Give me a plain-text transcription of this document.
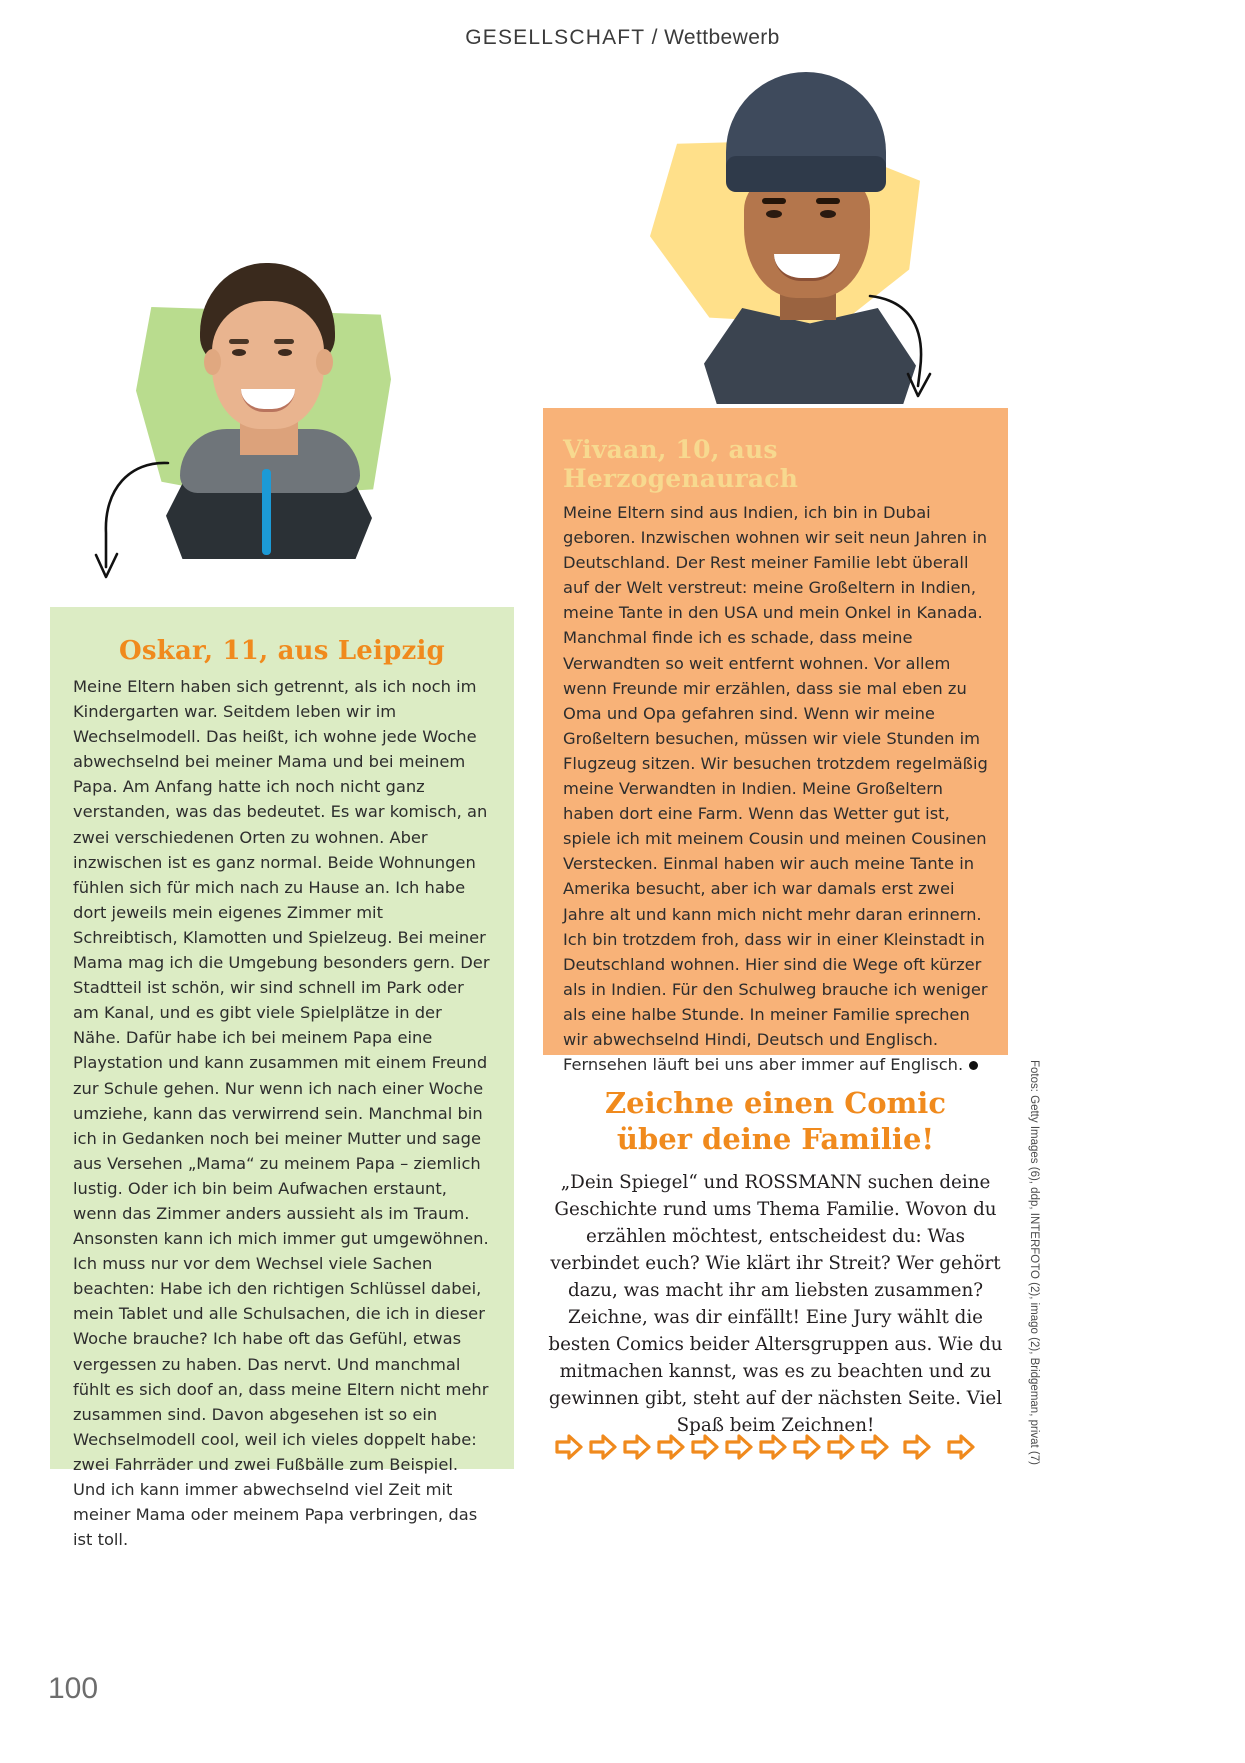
GESELLSCHAFT / Wettbewerb
Oskar, 11, aus Leipzig
Meine Eltern haben sich getrennt, als ich noch im Kindergarten war. Seitdem leben wir im Wechselmodell. Das heißt, ich wohne jede Woche abwechselnd bei meiner Mama und bei meinem Papa. Am Anfang hatte ich noch nicht ganz verstanden, was das bedeutet. Es war komisch, an zwei verschiedenen Orten zu wohnen. Aber inzwischen ist es ganz normal. Beide Wohnungen fühlen sich für mich nach zu Hause an. Ich habe dort jeweils mein eigenes Zimmer mit Schreibtisch, Klamotten und Spielzeug. Bei meiner Mama mag ich die Umgebung besonders gern. Der Stadtteil ist schön, wir sind schnell im Park oder am Kanal, und es gibt viele Spielplätze in der Nähe. Dafür habe ich bei meinem Papa eine Playstation und kann zusammen mit einem Freund zur Schule gehen. Nur wenn ich nach einer Woche umziehe, kann das verwirrend sein. Manchmal bin ich in Gedanken noch bei meiner Mutter und sage aus Versehen „Mama“ zu meinem Papa – ziemlich lustig. Oder ich bin beim Aufwachen erstaunt, wenn das Zimmer anders aussieht als im Traum. Ansonsten kann ich mich immer gut umgewöhnen. Ich muss nur vor dem Wechsel viele Sachen beachten: Habe ich den richtigen Schlüssel dabei, mein Tablet und alle Schulsachen, die ich in dieser Woche brauche? Ich habe oft das Gefühl, etwas vergessen zu haben. Das nervt. Und manchmal fühlt es sich doof an, dass meine Eltern nicht mehr zusammen sind. Davon abgesehen ist so ein Wechselmodell cool, weil ich vieles doppelt habe: zwei Fahrräder und zwei Fußbälle zum Beispiel. Und ich kann immer abwechselnd viel Zeit mit meiner Mama oder meinem Papa verbringen, das ist toll.
Vivaan, 10, aus Herzogenaurach
Meine Eltern sind aus Indien, ich bin in Dubai geboren. Inzwischen wohnen wir seit neun Jahren in Deutschland. Der Rest meiner Familie lebt überall auf der Welt verstreut: meine Großeltern in Indien, meine Tante in den USA und mein Onkel in Kanada. Manchmal finde ich es schade, dass meine Verwandten so weit entfernt wohnen. Vor allem wenn Freunde mir erzählen, dass sie mal eben zu Oma und Opa gefahren sind. Wenn wir meine Großeltern besuchen, müssen wir viele Stunden im Flugzeug sitzen. Wir besuchen trotzdem regelmäßig meine Verwandten in Indien. Meine Großeltern haben dort eine Farm. Wenn das Wetter gut ist, spiele ich mit meinem Cousin und meinen Cousinen Verstecken. Einmal haben wir auch meine Tante in Amerika besucht, aber ich war damals erst zwei Jahre alt und kann mich nicht mehr daran erinnern. Ich bin trotzdem froh, dass wir in einer Kleinstadt in Deutschland wohnen. Hier sind die Wege oft kürzer als in Indien. Für den Schulweg brauche ich weniger als eine halbe Stunde. In meiner Familie sprechen wir abwechselnd Hindi, Deutsch und Englisch. Fernsehen läuft bei uns aber immer auf Englisch.
Zeichne einen Comic
über deine Familie!

„Dein Spiegel“ und ROSSMANN suchen deine Geschichte rund ums Thema Familie. Wovon du erzählen möchtest, entscheidest du: Was verbindet euch? Wie klärt ihr Streit? Wer gehört dazu, was macht ihr am liebsten zusammen? Zeichne, was dir einfällt! Eine Jury wählt die besten Comics beider Altersgruppen aus. Wie du mitmachen kannst, was es zu beachten und zu gewinnen gibt, steht auf der nächsten Seite. Viel Spaß beim Zeichnen!	Fotos: Getty Images (6), ddp, INTERFOTO (2), imago (2), Bridgeman, privat (7)
100
